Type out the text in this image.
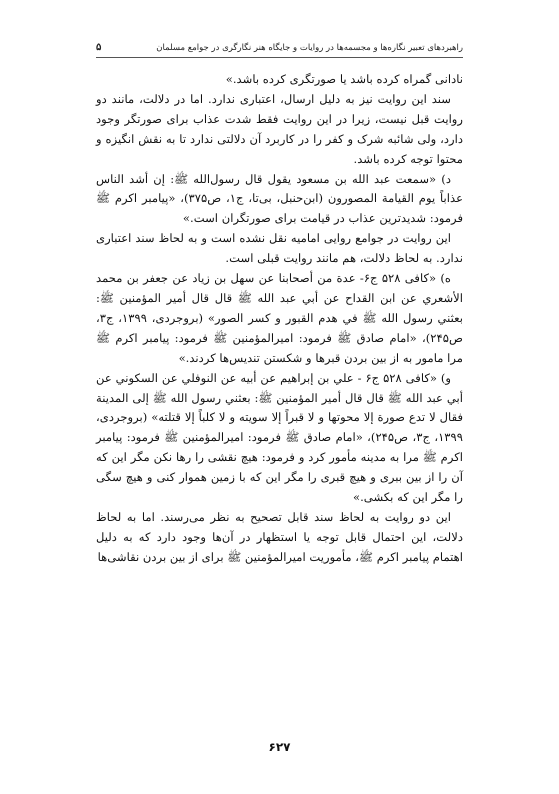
راهبردهای تعبیر نگاره‌ها و مجسمه‌ها در روایات و جایگاه هنر نگارگری در جوامع مسلمان
۵

نادانی گمراه کرده باشد یا صورتگری کرده باشد.»

سند این روایت نیز به دلیل ارسال، اعتباری ندارد. اما در دلالت، مانند دو روایت قبل نیست، زیرا در این روایت فقط شدت عذاب برای صورتگر وجود دارد، ولی شائبه شرک و کفر را در کاربرد آن دلالتی ندارد تا به نقش انگیزه و محتوا توجه کرده باشد.

د) «سمعت عبد الله بن مسعود يقول قال رسول‌الله ﷺ: إن أشد الناس عذاباً يوم القيامة المصورون (ابن‌حنبل، بی‌تا، ج۱، ص۳۷۵)، «پیامبر اکرم ﷺ فرمود: شدیدترین عذاب در قیامت برای صورتگران است.»

این روایت در جوامع روایی امامیه نقل نشده است و به لحاظ سند اعتباری ندارد. به لحاظ دلالت، هم مانند روایت قبلی است.

ه) «کافی ۵۲۸ ج۶- عدة من أصحابنا عن سهل بن زياد عن جعفر بن محمد الأشعري عن ابن القداح عن أبي عبد الله ﷺ قال قال أمير المؤمنين ﷺ: بعثني رسول الله ﷺ في هدم القبور و كسر الصور» (بروجردی، ۱۳۹۹، ج۳، ص۲۴۵)، «امام صادق ﷺ فرمود: امیرالمؤمنین ﷺ فرمود: پیامبر اکرم ﷺ مرا مامور به از بین بردن قبرها و شکستن تندیس‌ها کردند.»

و) «کافی ۵۲۸ ج۶ - علي بن إبراهيم عن أبيه عن النوفلي عن السكوني عن أبي عبد الله ﷺ قال قال أمير المؤمنين ﷺ: بعثني رسول الله ﷺ إلى المدينة فقال لا تدع صورة إلا محوتها و لا قبراً إلا سويته و لا كلباً إلا قتلته» (بروجردی، ۱۳۹۹، ج۳، ص۲۴۵)، «امام صادق ﷺ فرمود: امیرالمؤمنین ﷺ فرمود: پیامبر اکرم ﷺ مرا به مدینه مأمور کرد و فرمود: هیچ نقشی را رها نکن مگر این که آن را از بین ببری و هیچ قبری را مگر این که با زمین هموار کنی و هیچ سگی را مگر این که بکشی.»

این دو روایت به لحاظ سند قابل تصحیح به نظر می‌رسند. اما به لحاظ دلالت، این احتمال قابل توجه یا استظهار در آن‌ها وجود دارد که به دلیل اهتمام پیامبر اکرم ﷺ، مأموریت امیرالمؤمنین ﷺ برای از بین بردن نقاشی‌ها

۶۲۷
